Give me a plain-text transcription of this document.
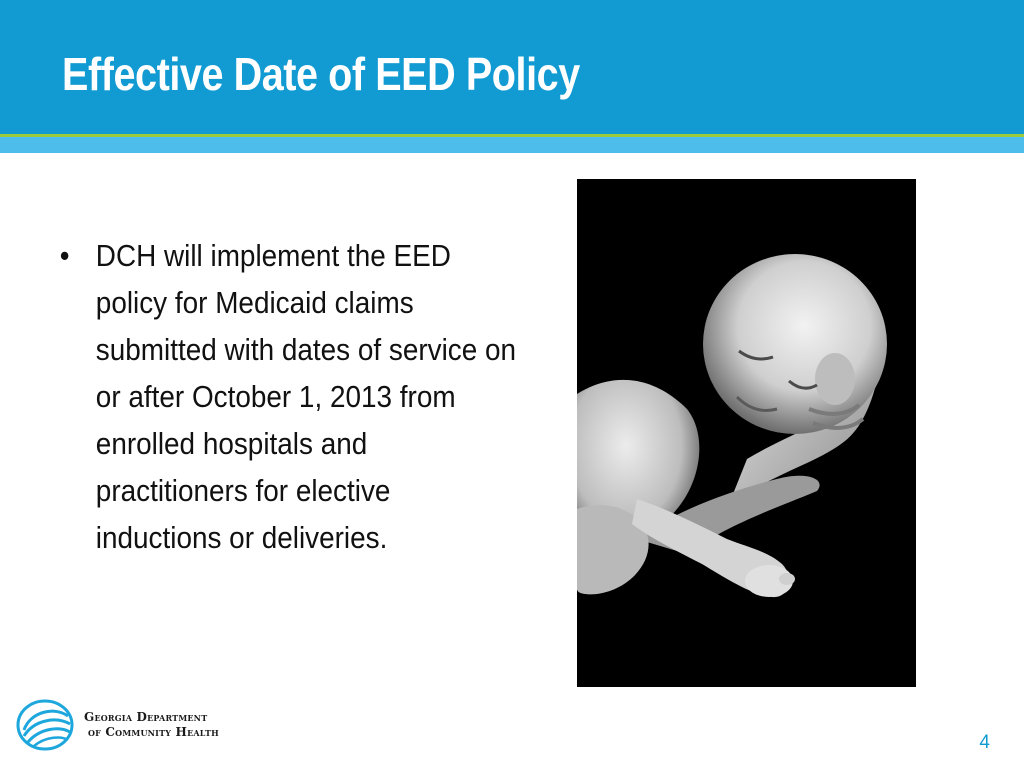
Effective Date of EED Policy
• DCH will implement the EED policy for Medicaid claims submitted with dates of service on or after October 1, 2013 from enrolled hospitals and practitioners for elective inductions or deliveries.
Georgia Department
of Community Health	4
